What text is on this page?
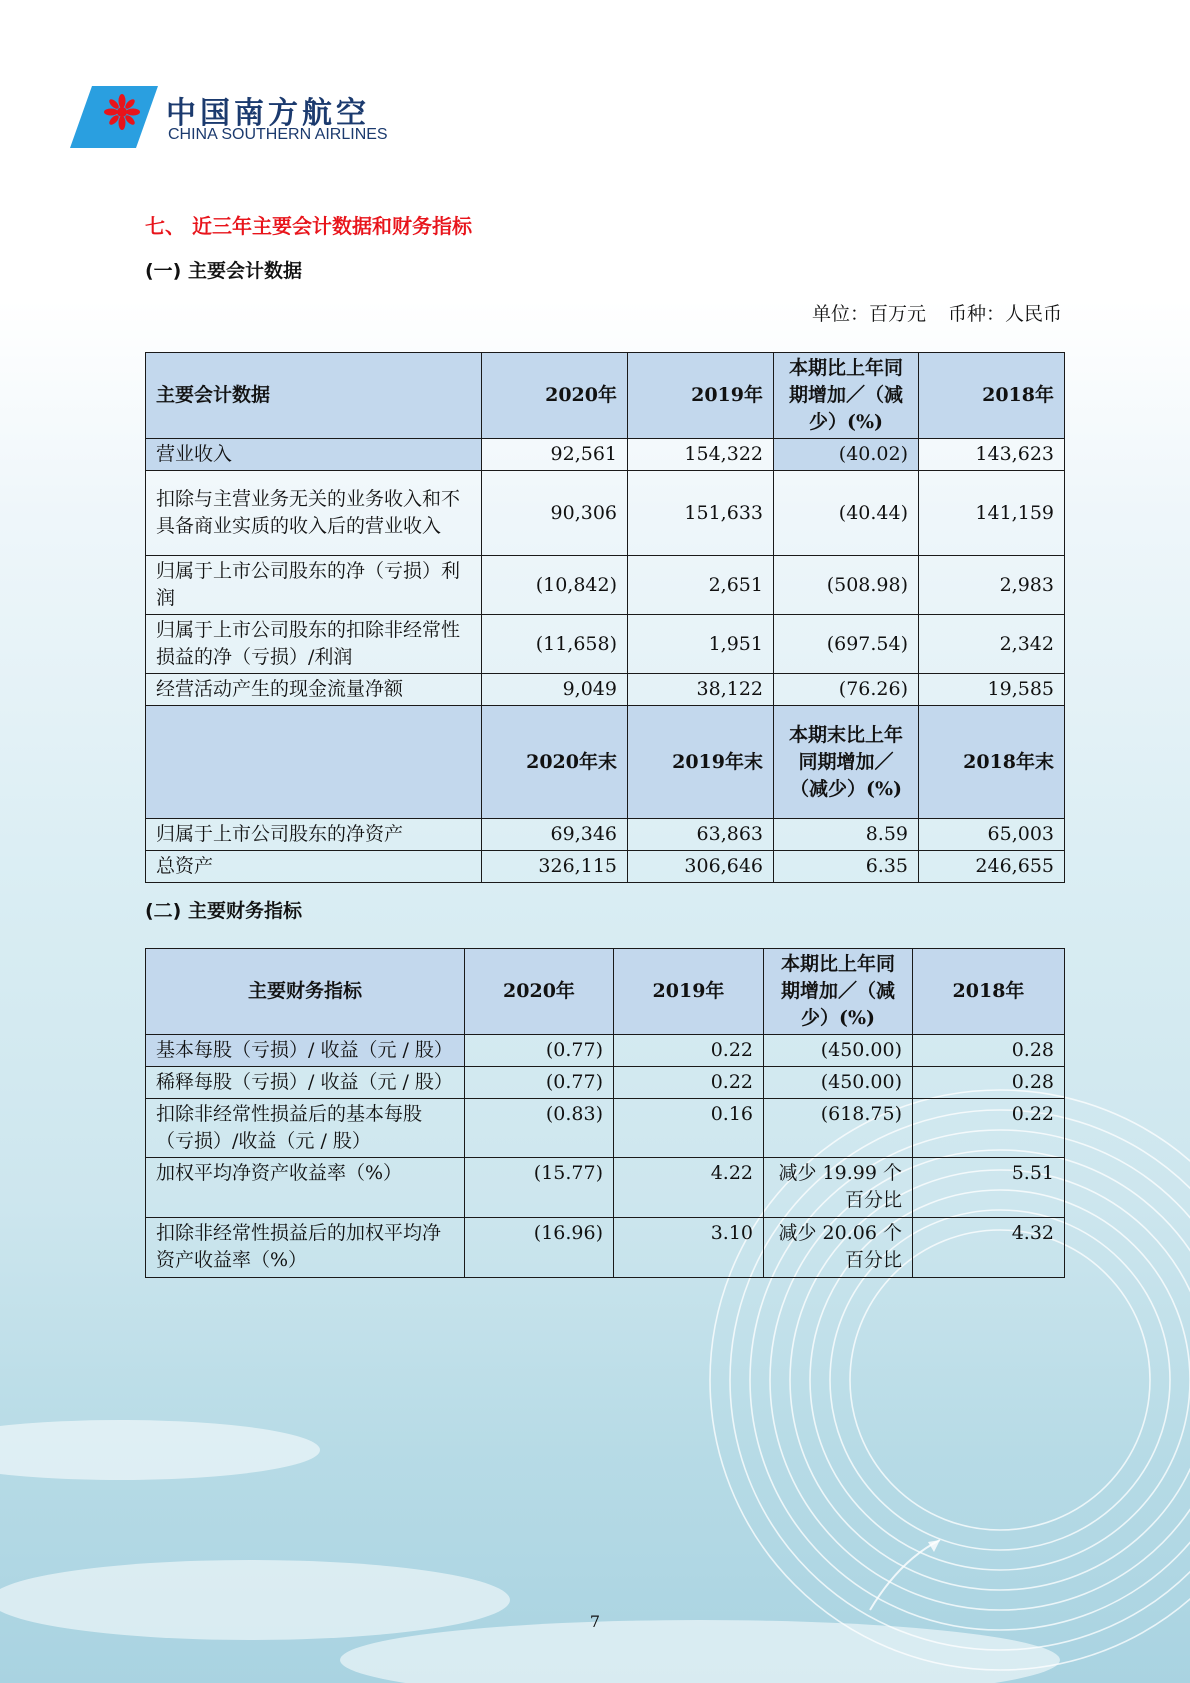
中国南方航空
CHINA SOUTHERN AIRLINES
七、 近三年主要会计数据和财务指标
(一) 主要会计数据
单位：百万元 币种：人民币
主要会计数据	2020年	2019年	本期比上年同期增加／（减少）(%)	2018年
营业收入	92,561	154,322	(40.02)	143,623
扣除与主营业务无关的业务收入和不具备商业实质的收入后的营业收入	90,306	151,633	(40.44)	141,159
归属于上市公司股东的净（亏损）利润	(10,842)	2,651	(508.98)	2,983
归属于上市公司股东的扣除非经常性损益的净（亏损）/利润	(11,658)	1,951	(697.54)	2,342
经营活动产生的现金流量净额	9,049	38,122	(76.26)	19,585
	2020年末	2019年末	本期末比上年同期增加／（减少）(%)	2018年末
归属于上市公司股东的净资产	69,346	63,863	8.59	65,003
总资产	326,115	306,646	6.35	246,655
(二) 主要财务指标
主要财务指标	2020年	2019年	本期比上年同期增加／（减少）(%)	2018年
基本每股（亏损）/ 收益（元 / 股）	(0.77)	0.22	(450.00)	0.28
稀释每股（亏损）/ 收益（元 / 股）	(0.77)	0.22	(450.00)	0.28
扣除非经常性损益后的基本每股（亏损）/收益（元 / 股）	(0.83)	0.16	(618.75)	0.22
加权平均净资产收益率（%）	(15.77)	4.22	减少 19.99 个百分比	5.51
扣除非经常性损益后的加权平均净资产收益率（%）	(16.96)	3.10	减少 20.06 个百分比	4.32
7
